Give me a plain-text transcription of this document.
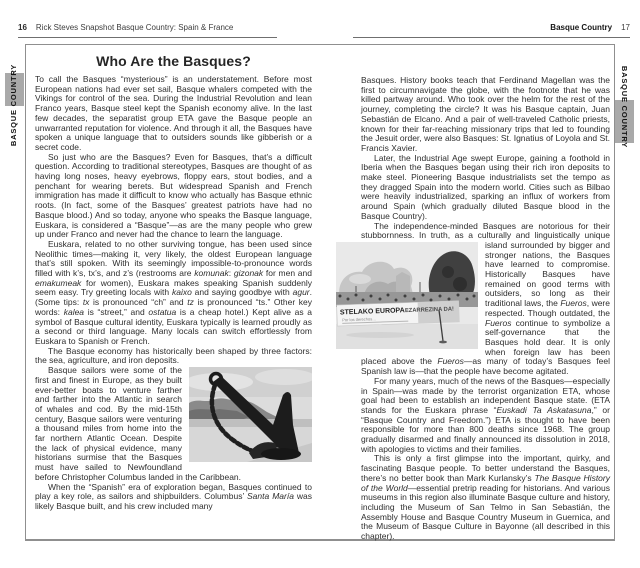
16 Rick Steves Snapshot Basque Country: Spain & France	Basque Country 17
BASQUE COUNTRY	BASQUE COUNTRY
Who Are the Basques?

To call the Basques “mysterious” is an understatement. Before most European nations had ever set sail, Basque whalers competed with the Vikings for control of the sea. During the Industrial Revolution and lean Franco years, Basque steel kept the Spanish economy alive. In the last few decades, the separatist group ETA gave the Basque people an unwarranted reputation for violence. And through it all, the Basques have spoken a unique language that to outsiders sounds like gibberish or a secret code.

So just who are the Basques? Even for Basques, that’s a difficult question. According to traditional stereotypes, Basques are thought of as having long noses, heavy eyebrows, floppy ears, stout bodies, and a penchant for wearing berets. But widespread Spanish and French immigration has made it difficult to know who actually has Basque ethnic roots. (In fact, some of the Basques’ greatest patriots have had no Basque blood.) And so today, anyone who speaks the Basque language, Euskara, is considered a “Basque”—as are the many people who grew up under Franco and never had the chance to learn the language.

Euskara, related to no other surviving tongue, has been used since Neolithic times—making it, very likely, the oldest European language that’s still spoken. With its seemingly impossible-to-pronounce words filled with k’s, tx’s, and z’s (restrooms are komunak: gizonak for men and emakumeak for women), Euskara makes speaking Spanish suddenly seem easy. Try greeting locals with kaixo and saying goodbye with agur. (Some tips: tx is pronounced “ch” and tz is pronounced “ts.” Other key words: kalea is “street,” and ostatua is a cheap hotel.) Kept alive as a symbol of Basque cultural identity, Euskara typically is learned proudly as a second or third language. Many locals can switch effortlessly from Euskara to Spanish or French.

The Basque economy has historically been shaped by three factors: the sea, agriculture, and iron deposits.

Basque sailors were some of the first and finest in Europe, as they built ever-better boats to venture farther and farther into the Atlantic in search of whales and cod. By the mid-15th century, Basque sailors were venturing a thousand miles from home into the far northern Atlantic Ocean. Despite the lack of physical evidence, many historians surmise that the Basques must have sailed to Newfoundland before Christopher Columbus landed in the Caribbean.

When the “Spanish” era of exploration began, Basques continued to play a key role, as sailors and shipbuilders. Columbus’ Santa María was likely Basque built, and his crew included many

Basques. History books teach that Ferdinand Magellan was the first to circumnavigate the globe, with the footnote that he was killed partway around. Who took over the helm for the rest of the journey, completing the circle? It was his Basque captain, Juan Sebastián de Elcano. And a pair of well-traveled Catholic priests, known for their far-reaching missionary trips that led to founding the Jesuit order, were also Basques: St. Ignatius of Loyola and St. Francis Xavier.

Later, the Industrial Age swept Europe, gaining a foothold in Iberia when the Basques began using their rich iron deposits to make steel. Pioneering Basque industrialists set the tempo as they dragged Spain into the modern world. Cities such as Bilbao were heavily industrialized, sparking an influx of workers from around Spain (which gradually diluted Basque blood in the Basque Country).

The independence-minded Basques are notorious for their stubbornness. In truth, as a culturally and linguistically unique
STELAKO EUROPA EZARREZINA DA!
Por los derechos…
island surrounded by bigger and stronger nations, the Basques have learned to compromise. Historically Basques have remained on good terms with outsiders, so long as their traditional laws, the Fueros, were respected. Though outdated, the Fueros continue to symbolize a self-governance that the Basques hold dear. It is only when foreign law has been placed above the Fueros—as many of today’s Basques feel Spanish law is—that the people have become agitated.

For many years, much of the news of the Basques—especially in Spain—was made by the terrorist organization ETA, whose goal had been to establish an independent Basque state. (ETA stands for the Euskara phrase “Euskadi Ta Askatasuna,” or “Basque Country and Freedom.”) ETA is thought to have been responsible for more than 800 deaths since 1968. The group gradually disarmed and finally announced its dissolution in 2018, with apologies to victims and their families.

This is only a first glimpse into the important, quirky, and fascinating Basque people. To better understand the Basques, there’s no better book than Mark Kurlansky’s The Basque History of the World—essential pretrip reading for historians. And various museums in this region also illuminate Basque culture and history, including the Museum of San Telmo in San Sebastián, the Assembly House and Basque Country Museum in Guernica, and the Museum of Basque Culture in Bayonne (all described in this chapter).
